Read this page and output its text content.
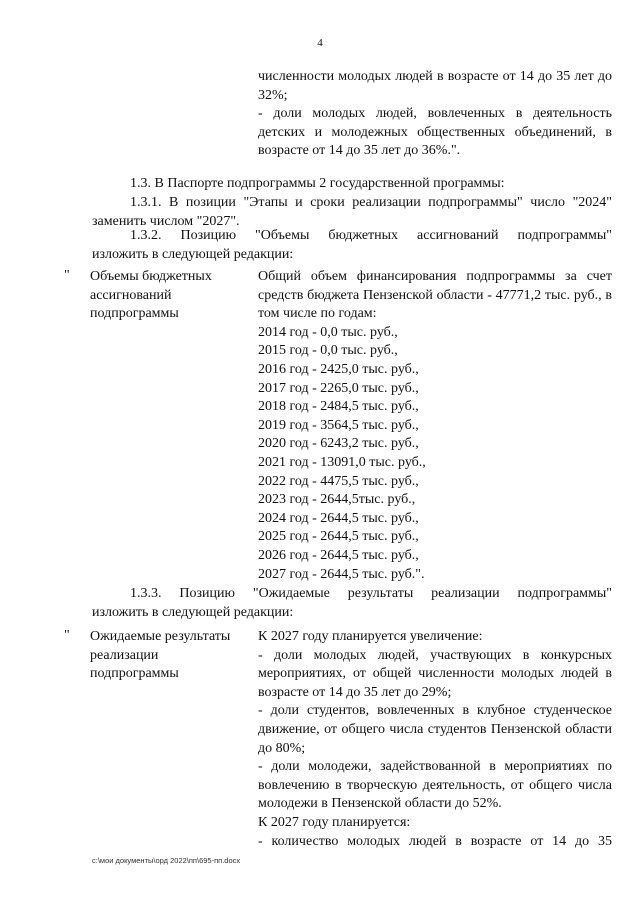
4

численности молодых людей в возрасте от 14 до 35 лет до 32%;

- доли молодых людей, вовлеченных в деятельность детских и молодежных общественных объединений, в возрасте от 14 до 35 лет до 36%.".

1.3. В Паспорте подпрограммы 2 государственной программы:

1.3.1. В позиции "Этапы и сроки реализации подпрограммы" число "2024" заменить числом "2027".

1.3.2. Позицию "Объемы бюджетных ассигнований подпрограммы"

изложить в следующей редакции:

" Объемы бюджетных ассигнований подпрограммы

Общий объем финансирования подпрограммы за счет средств бюджета Пензенской области - 47771,2 тыс. руб., в том числе по годам:

2014 год - 0,0 тыс. руб.,

2015 год - 0,0 тыс. руб.,

2016 год - 2425,0 тыс. руб.,

2017 год - 2265,0 тыс. руб.,

2018 год - 2484,5 тыс. руб.,

2019 год - 3564,5 тыс. руб.,

2020 год - 6243,2 тыс. руб.,

2021 год - 13091,0 тыс. руб.,

2022 год - 4475,5 тыс. руб.,

2023 год - 2644,5тыс. руб.,

2024 год - 2644,5 тыс. руб.,

2025 год - 2644,5 тыс. руб.,

2026 год - 2644,5 тыс. руб.,

2027 год - 2644,5 тыс. руб.".

1.3.3. Позицию "Ожидаемые результаты реализации подпрограммы"

изложить в следующей редакции:

" Ожидаемые результаты реализации подпрограммы

К 2027 году планируется увеличение:

- доли молодых людей, участвующих в конкурсных мероприятиях, от общей численности молодых людей в возрасте от 14 до 35 лет до 29%;

- доли студентов, вовлеченных в клубное студенческое движение, от общего числа студентов Пензенской области до 80%;

- доли молодежи, задействованной в мероприятиях по вовлечению в творческую деятельность, от общего числа молодежи в Пензенской области до 52%.

К 2027 году планируется:

- количество молодых людей в возрасте от 14 до 35

c:\мои документы\орд 2022\пп\695-пп.docx
